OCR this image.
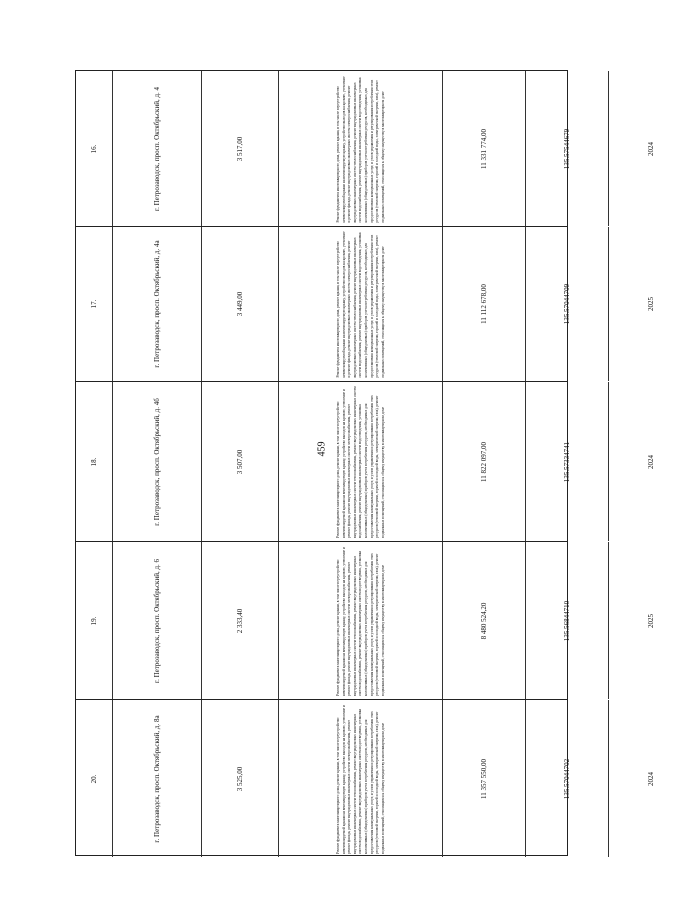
459
16.	г. Петрозаводск, просп. Октябрьский, д. 4	3 517,00	Ремонт фундамента многоквартирного дома, ремонт крыши, в том числе переустройство невентилируемой крыши на вентилируемую крышу, устройство выходов на кровлю, утепление и ремонт фасада, ремонт внутридомовых инженерных систем электроснабжения, ремонт внутридомовых инженерных систем теплоснабжения, ремонт внутридомовых инженерных систем водоснабжения, ремонт внутридомовых инженерных систем водоотведения, установка коллективных (общедомовых) приборов учета потребления ресурсов, необходимых для предоставления коммунальных услуг, и узлов управления и регулирования потребления этих ресурсов (тепловой энергии, горячей и холодной воды, электрической энергии, газа), ремонт подвальных помещений, относящихся к общему имуществу в многоквартирном доме	11 331 774,00	135.57544679	2024
17.	г. Петрозаводск, просп. Октябрьский, д. 4а	3 449,00	Ремонт фундамента многоквартирного дома, ремонт крыши, в том числе переустройство невентилируемой крыши на вентилируемую крышу, устройство выходов на кровлю, утепление и ремонт фасада, ремонт внутридомовых инженерных систем электроснабжения, ремонт внутридомовых инженерных систем теплоснабжения, ремонт внутридомовых инженерных систем водоснабжения, ремонт внутридомовых инженерных систем водоотведения, установка коллективных (общедомовых) приборов учета потребления ресурсов, необходимых для предоставления коммунальных услуг, и узлов управления и регулирования потребления этих ресурсов (тепловой энергии, горячей и холодной воды, электрической энергии, газа), ремонт подвальных помещений, относящихся к общему имуществу в многоквартирном доме	11 112 678,00	135.57044709	2025
18.	г. Петрозаводск, просп. Октябрьский, д. 4б	3 507,00	Ремонт фундамента многоквартирного дома, ремонт крыши, в том числе переустройство невентилируемой крыши на вентилируемую крышу, устройство выходов на кровлю, утепление и ремонт фасада, ремонт внутридомовых инженерных систем электроснабжения, ремонт внутридомовых инженерных систем теплоснабжения, ремонт внутридомовых инженерных систем водоснабжения, ремонт внутридомовых инженерных систем водоотведения, установка коллективных (общедомовых) приборов учета потребления ресурсов, необходимых для предоставления коммунальных услуг, и узлов управления и регулирования потребления этих ресурсов (тепловой энергии, горячей и холодной воды, электрической энергии, газа), ремонт подвальных помещений, относящихся к общему имуществу в многоквартирном доме	11 822 097,00	135.57334741	2024
19.	г. Петрозаводск, просп. Октябрьский, д. 6	2 333,40	Ремонт фундамента многоквартирного дома, ремонт крыши, в том числе переустройство невентилируемой крыши на вентилируемую крышу, устройство выходов на кровлю, утепление и ремонт фасада, ремонт внутридомовых инженерных систем электроснабжения, ремонт внутридомовых инженерных систем теплоснабжения, ремонт внутридомовых инженерных систем водоснабжения, ремонт внутридомовых инженерных систем водоотведения, установка коллективных (общедомовых) приборов учета потребления ресурсов, необходимых для предоставления коммунальных услуг, и узлов управления и регулирования потребления этих ресурсов (тепловой энергии, горячей и холодной воды, электрической энергии, газа), ремонт подвальных помещений, относящихся к общему имуществу в многоквартирном доме	8 480 524,20	135.56844710	2025
20.	г. Петрозаводск, просп. Октябрьский, д. 8а	3 525,00	Ремонт фундамента многоквартирного дома, ремонт крыши, в том числе переустройство невентилируемой крыши на вентилируемую крышу, устройство выходов на кровлю, утепление и ремонт фасада, ремонт внутридомовых инженерных систем электроснабжения, ремонт внутридомовых инженерных систем теплоснабжения, ремонт внутридомовых инженерных систем водоснабжения, ремонт внутридомовых инженерных систем водоотведения, установка коллективных (общедомовых) приборов учета потребления ресурсов, необходимых для предоставления коммунальных услуг, и узлов управления и регулирования потребления этих ресурсов (тепловой энергии, горячей и холодной воды, электрической энергии, газа), ремонт подвальных помещений, относящихся к общему имуществу в многоквартирном доме	11 357 550,00	135.57044702	2024
